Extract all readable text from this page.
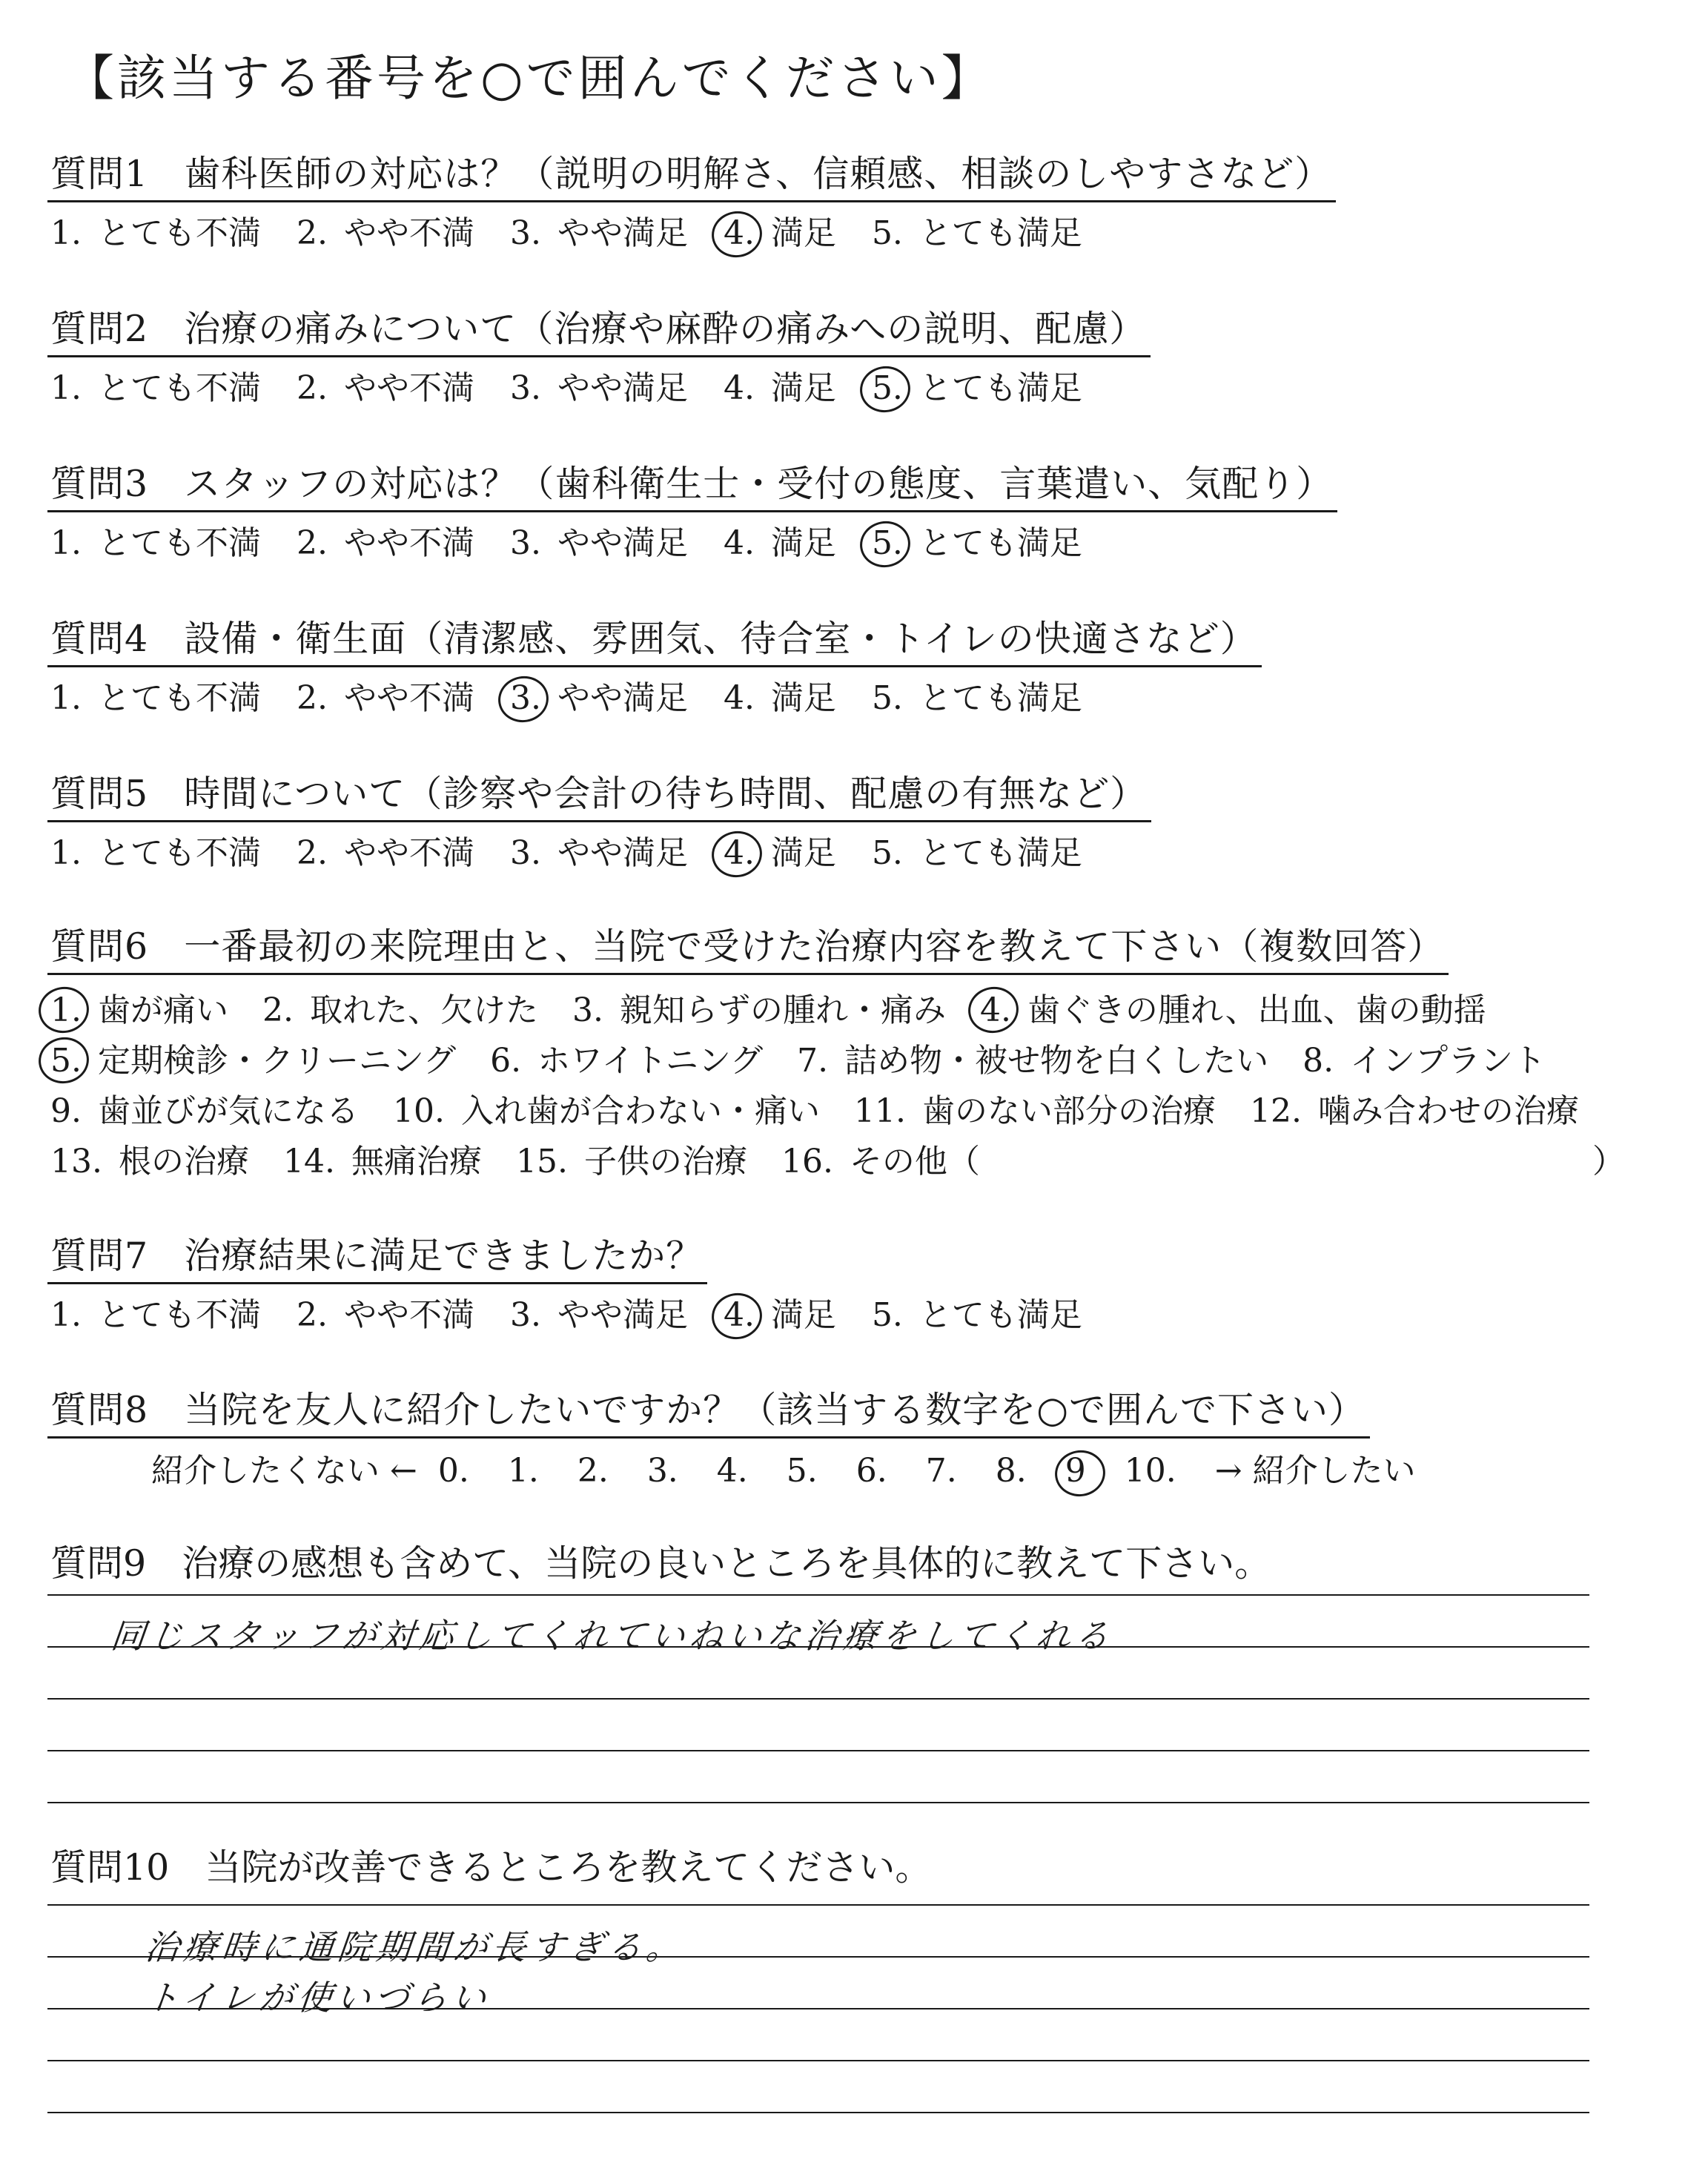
【該当する番号を○で囲んでください】
質問1 歯科医師の対応は？（説明の明解さ、信頼感、相談のしやすさなど）
1. とても不満 2. やや不満 3. やや満足 4. 満足 5. とても満足
質問2 治療の痛みについて（治療や麻酔の痛みへの説明、配慮）
1. とても不満 2. やや不満 3. やや満足 4. 満足 5. とても満足
質問3 スタッフの対応は？（歯科衛生士・受付の態度、言葉遣い、気配り）
1. とても不満 2. やや不満 3. やや満足 4. 満足 5. とても満足
質問4 設備・衛生面（清潔感、雰囲気、待合室・トイレの快適さなど）
1. とても不満 2. やや不満 3. やや満足 4. 満足 5. とても満足
質問5 時間について（診察や会計の待ち時間、配慮の有無など）
1. とても不満 2. やや不満 3. やや満足 4. 満足 5. とても満足
質問6 一番最初の来院理由と、当院で受けた治療内容を教えて下さい（複数回答）
1. 歯が痛い 2. 取れた、欠けた 3. 親知らずの腫れ・痛み 4. 歯ぐきの腫れ、出血、歯の動揺
5. 定期検診・クリーニング 6. ホワイトニング 7. 詰め物・被せ物を白くしたい 8. インプラント
9. 歯並びが気になる 10. 入れ歯が合わない・痛い 11. 歯のない部分の治療 12. 噛み合わせの治療
13. 根の治療 14. 無痛治療 15. 子供の治療 16. その他（	）
質問7 治療結果に満足できましたか？
1. とても不満 2. やや不満 3. やや満足 4. 満足 5. とても満足
質問8 当院を友人に紹介したいですか？（該当する数字を○で囲んで下さい）
紹介したくない ← 0. 1. 2. 3. 4. 5. 6. 7. 8. 9 10. → 紹介したい
質問9 治療の感想も含めて、当院の良いところを具体的に教えて下さい。
同じスタッフが対応してくれていねいな治療をしてくれる
質問10 当院が改善できるところを教えてください。
治療時に通院期間が長すぎる。
トイレが使いづらい
